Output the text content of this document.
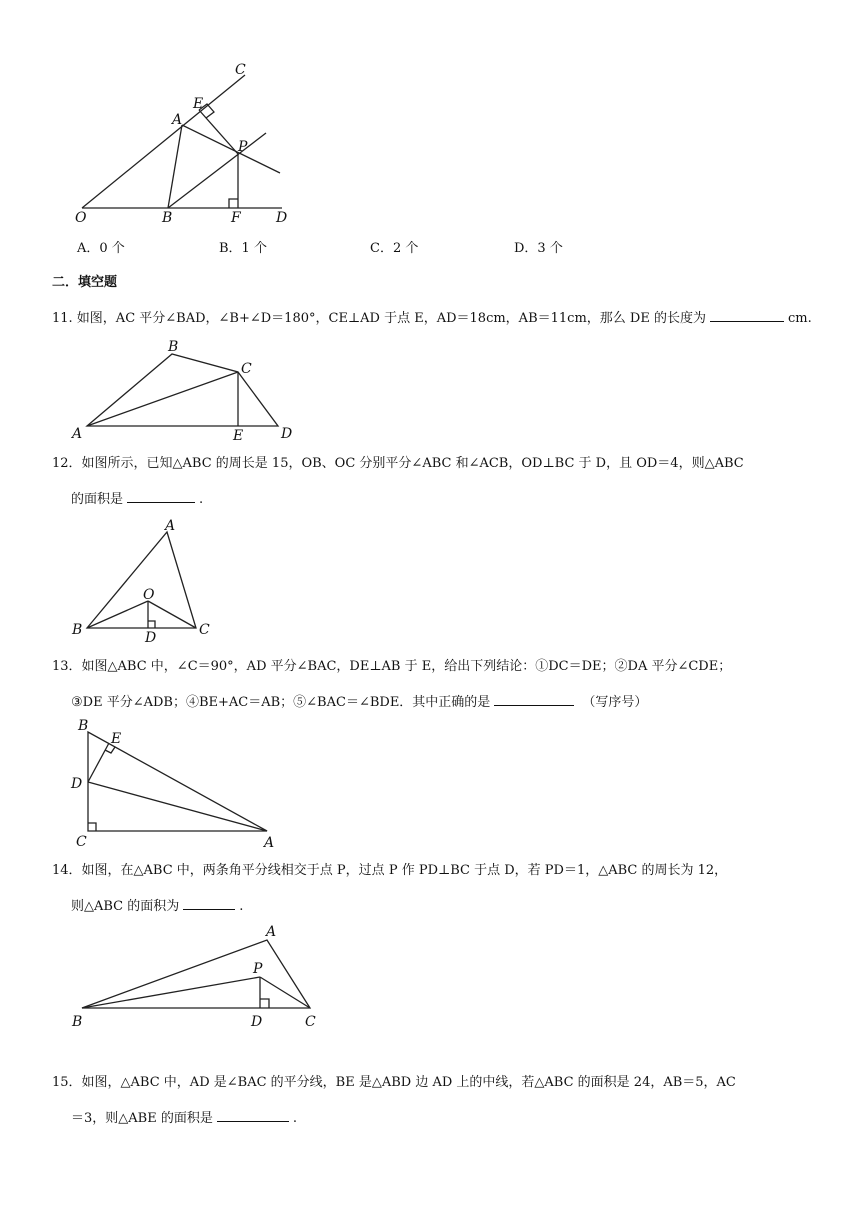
C
E
A
P
O	B	F	D
A．0 个	B．1 个	C．2 个	D．3 个
二．填空题
11. 如图，AC 平分∠BAD，∠B+∠D＝180°，CE⊥AD 于点 E，AD＝18cm，AB＝11cm，那么 DE 的长度为	cm.
B
C
A	E	D
12．如图所示，已知△ABC 的周长是 15，OB、OC 分别平分∠ABC 和∠ACB，OD⊥BC 于 D，且 OD＝4，则△ABC
的面积是	.
A
O
B	D	C
13．如图△ABC 中，∠C＝90°，AD 平分∠BAC，DE⊥AB 于 E，给出下列结论：①DC＝DE；②DA 平分∠CDE；
③DE 平分∠ADB；④BE+AC＝AB；⑤∠BAC＝∠BDE．其中正确的是	（写序号）
B
E
D
C	A
14．如图，在△ABC 中，两条角平分线相交于点 P，过点 P 作 PD⊥BC 于点 D，若 PD＝1，△ABC 的周长为 12，
则△ABC 的面积为	.
A
P
B	D	C
15．如图，△ABC 中，AD 是∠BAC 的平分线，BE 是△ABD 边 AD 上的中线，若△ABC 的面积是 24，AB＝5，AC
＝3，则△ABE 的面积是	.
